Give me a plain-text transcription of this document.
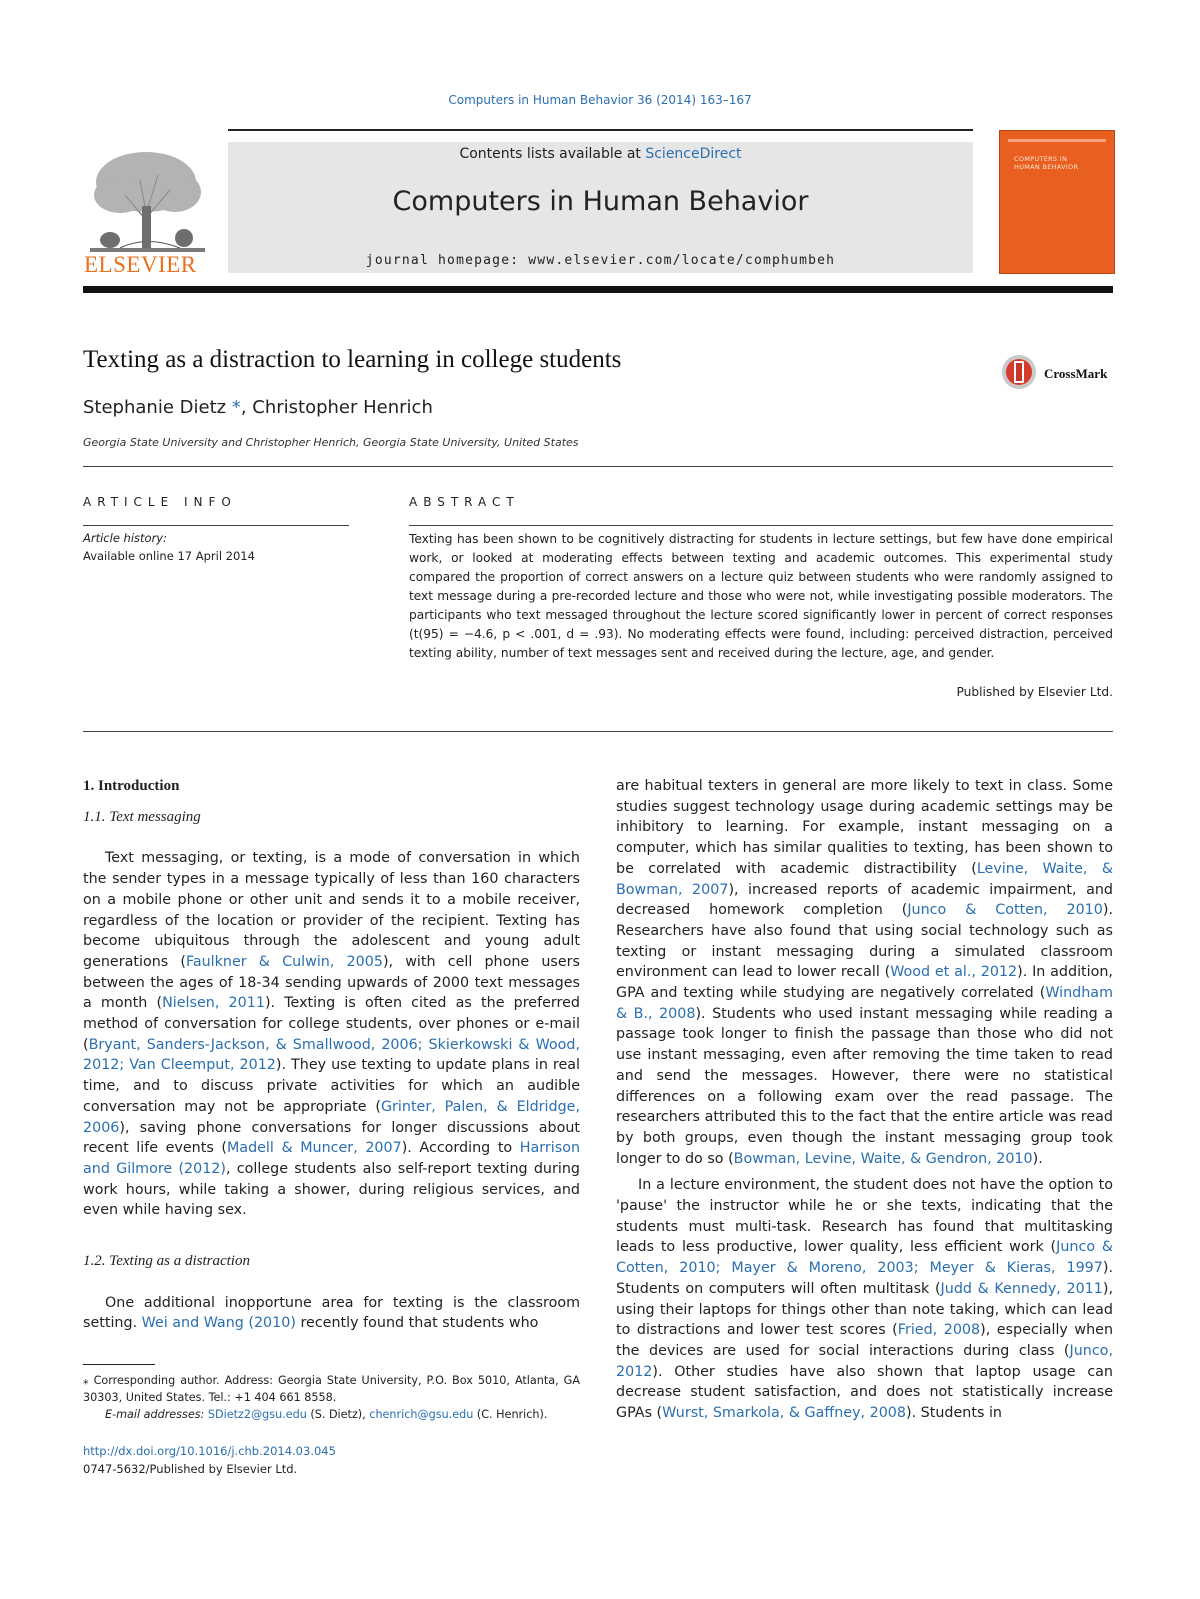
Computers in Human Behavior 36 (2014) 163–167
Contents lists available at ScienceDirect
Computers in Human Behavior
journal homepage: www.elsevier.com/locate/comphumbeh
ELSEVIER
COMPUTERS IN
HUMAN BEHAVIOR
Texting as a distraction to learning in college students
CrossMark
Stephanie Dietz *, Christopher Henrich
Georgia State University and Christopher Henrich, Georgia State University, United States
ARTICLE INFO	ABSTRACT
Article history:
Available online 17 April 2014
Texting has been shown to be cognitively distracting for students in lecture settings, but few have done empirical work, or looked at moderating effects between texting and academic outcomes. This experimental study compared the proportion of correct answers on a lecture quiz between students who were randomly assigned to text message during a pre-recorded lecture and those who were not, while investigating possible moderators. The participants who text messaged throughout the lecture scored significantly lower in percent of correct responses (t(95) = −4.6, p < .001, d = .93). No moderating effects were found, including: perceived distraction, perceived texting ability, number of text messages sent and received during the lecture, age, and gender.
Published by Elsevier Ltd.
1. Introduction
1.1. Text messaging

Text messaging, or texting, is a mode of conversation in which the sender types in a message typically of less than 160 characters on a mobile phone or other unit and sends it to a mobile receiver, regardless of the location or provider of the recipient. Texting has become ubiquitous through the adolescent and young adult generations (Faulkner & Culwin, 2005), with cell phone users between the ages of 18-34 sending upwards of 2000 text messages a month (Nielsen, 2011). Texting is often cited as the preferred method of conversation for college students, over phones or e-mail (Bryant, Sanders-Jackson, & Smallwood, 2006; Skierkowski & Wood, 2012; Van Cleemput, 2012). They use texting to update plans in real time, and to discuss private activities for which an audible conversation may not be appropriate (Grinter, Palen, & Eldridge, 2006), saving phone conversations for longer discussions about recent life events (Madell & Muncer, 2007). According to Harrison and Gilmore (2012), college students also self-report texting during work hours, while taking a shower, during religious services, and even while having sex.

1.2. Texting as a distraction

One additional inopportune area for texting is the classroom setting. Wei and Wang (2010) recently found that students who

are habitual texters in general are more likely to text in class. Some studies suggest technology usage during academic settings may be inhibitory to learning. For example, instant messaging on a computer, which has similar qualities to texting, has been shown to be correlated with academic distractibility (Levine, Waite, & Bowman, 2007), increased reports of academic impairment, and decreased homework completion (Junco & Cotten, 2010). Researchers have also found that using social technology such as texting or instant messaging during a simulated classroom environment can lead to lower recall (Wood et al., 2012). In addition, GPA and texting while studying are negatively correlated (Windham & B., 2008). Students who used instant messaging while reading a passage took longer to finish the passage than those who did not use instant messaging, even after removing the time taken to read and send the messages. However, there were no statistical differences on a following exam over the read passage. The researchers attributed this to the fact that the entire article was read by both groups, even though the instant messaging group took longer to do so (Bowman, Levine, Waite, & Gendron, 2010).

In a lecture environment, the student does not have the option to 'pause' the instructor while he or she texts, indicating that the students must multi-task. Research has found that multitasking leads to less productive, lower quality, less efficient work (Junco & Cotten, 2010; Mayer & Moreno, 2003; Meyer & Kieras, 1997). Students on computers will often multitask (Judd & Kennedy, 2011), using their laptops for things other than note taking, which can lead to distractions and lower test scores (Fried, 2008), especially when the devices are used for social interactions during class (Junco, 2012). Other studies have also shown that laptop usage can decrease student satisfaction, and does not statistically increase GPAs (Wurst, Smarkola, & Gaffney, 2008). Students in

⁎ Corresponding author. Address: Georgia State University, P.O. Box 5010, Atlanta, GA 30303, United States. Tel.: +1 404 661 8558.
E-mail addresses: SDietz2@gsu.edu (S. Dietz), chenrich@gsu.edu (C. Henrich).
http://dx.doi.org/10.1016/j.chb.2014.03.045
0747-5632/Published by Elsevier Ltd.
